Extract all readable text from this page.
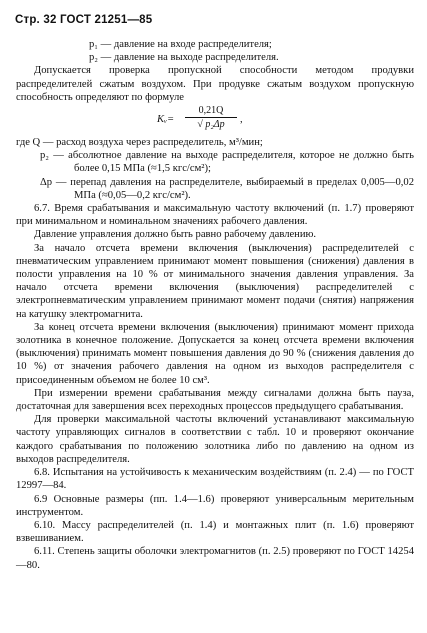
Стр. 32 ГОСТ 21251—85

p₁ — давление на входе распределителя;

p₂ — давление на выходе распределителя.

Допускается проверка пропускной способности методом продувки распределителей сжатым воздухом. При продувке сжатым воздухом пропускную способность определяют по формуле

Kᵥ= $\frac{0,21Q}{\text{√ p₂Δp}}$ ,

где Q — расход воздуха через распределитель, м³/мин;

p₂ — абсолютное давление на выходе распределителя, которое не должно быть более 0,15 МПа (≈1,5 кгс/см²);

Δp — перепад давления на распределителе, выбираемый в пределах 0,005—0,02 МПа (≈0,05—0,2 кгс/см²).

6.7. Время срабатывания и максимальную частоту включений (п. 1.7) проверяют при минимальном и номинальном значениях рабочего давления.

Давление управления должно быть равно рабочему давлению.

За начало отсчета времени включения (выключения) распределителей с пневматическим управлением принимают момент повышения (снижения) давления в полости управления на 10 % от минимального значения давления управления. За начало отсчета времени включения (выключения) распределителей с электропневматическим управлением принимают момент подачи (снятия) напряжения на катушку электромагнита.

За конец отсчета времени включения (выключения) принимают момент прихода золотника в конечное положение. Допускается за конец отсчета времени включения (выключения) принимать момент повышения давления до 90 % (снижения давления до 10 %) от значения рабочего давления на одном из выходов распределителя с присоединенным объемом не более 10 см³.

При измерении времени срабатывания между сигналами должна быть пауза, достаточная для завершения всех переходных процессов предыдущего срабатывания.

Для проверки максимальной частоты включений устанавливают максимальную частоту управляющих сигналов в соответствии с табл. 10 и проверяют окончание каждого срабатывания по положению золотника либо по давлению на одном из выходов распределителя.

6.8. Испытания на устойчивость к механическим воздействиям (п. 2.4) — по ГОСТ 12997—84.

6.9 Основные размеры (пп. 1.4—1.6) проверяют универсальным мерительным инструментом.

6.10. Массу распределителей (п. 1.4) и монтажных плит (п. 1.6) проверяют взвешиванием.

6.11. Степень защиты оболочки электромагнитов (п. 2.5) проверяют по ГОСТ 14254—80.
